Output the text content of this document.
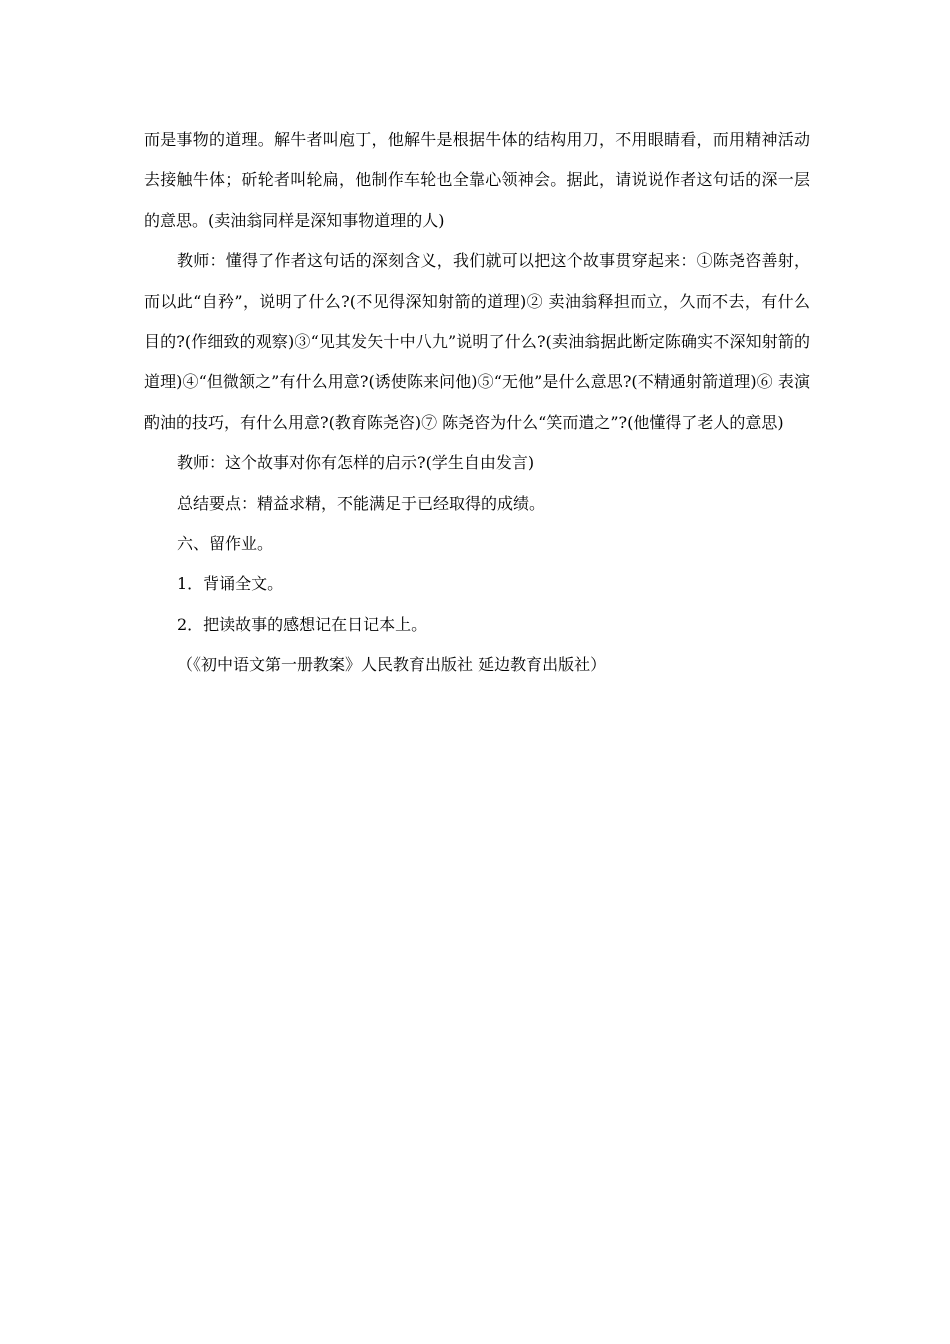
而是事物的道理。解牛者叫庖丁，他解牛是根据牛体的结构用刀，不用眼睛看，而用精神活动去接触牛体；斫轮者叫轮扁，他制作车轮也全靠心领神会。据此，请说说作者这句话的深一层的意思。(卖油翁同样是深知事物道理的人)

教师：懂得了作者这句话的深刻含义，我们就可以把这个故事贯穿起来：①陈尧咨善射，而以此“自矜”，说明了什么?(不见得深知射箭的道理)② 卖油翁释担而立，久而不去，有什么目的?(作细致的观察)③“见其发矢十中八九”说明了什么?(卖油翁据此断定陈确实不深知射箭的道理)④“但微颔之”有什么用意?(诱使陈来问他)⑤“无他”是什么意思?(不精通射箭道理)⑥ 表演酌油的技巧，有什么用意?(教育陈尧咨)⑦ 陈尧咨为什么“笑而遣之”?(他懂得了老人的意思)

教师：这个故事对你有怎样的启示?(学生自由发言)

总结要点：精益求精，不能满足于已经取得的成绩。

六、留作业。

1．背诵全文。

2．把读故事的感想记在日记本上。

（《初中语文第一册教案》人民教育出版社 延边教育出版社）
